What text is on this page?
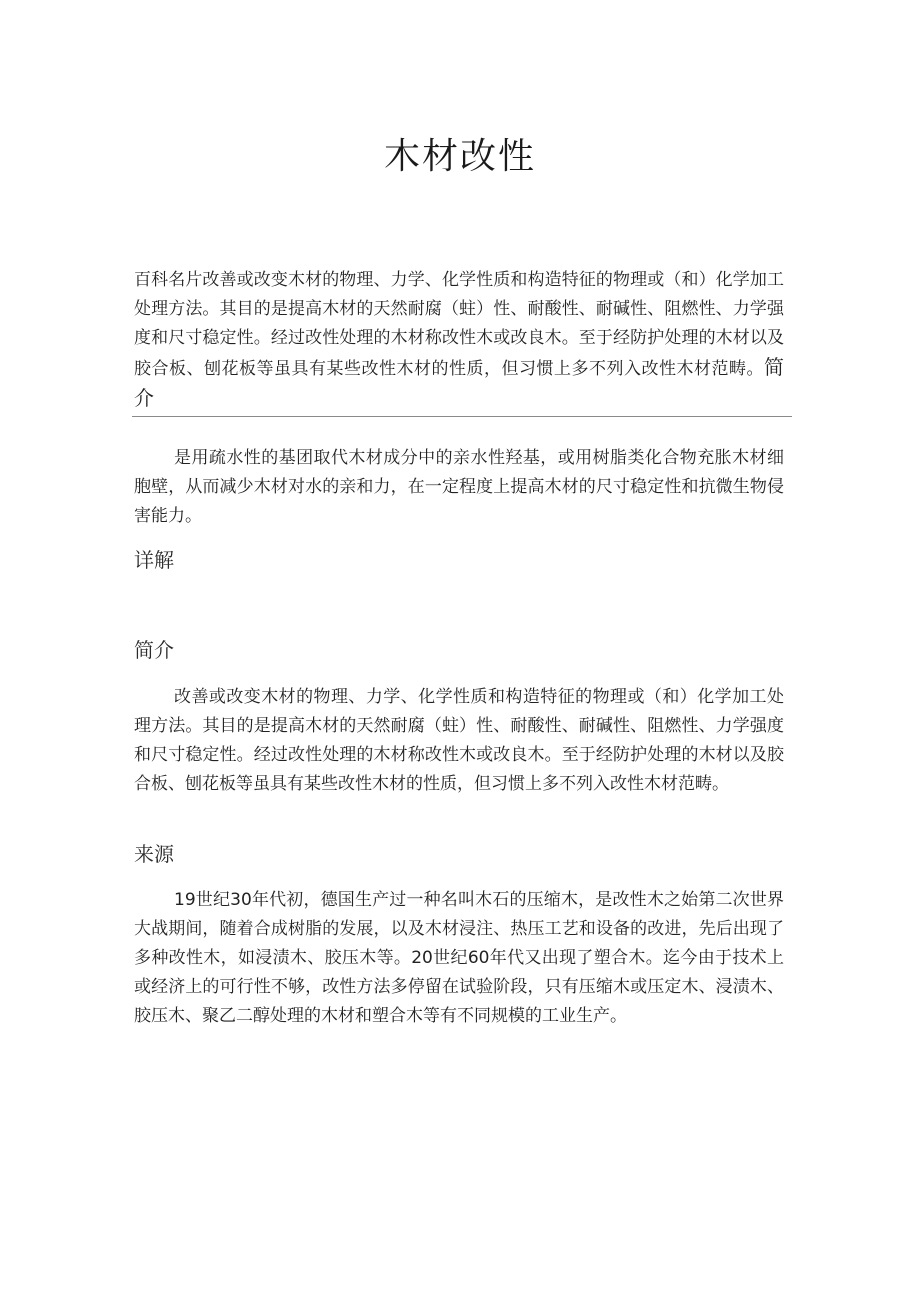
木材改性

百科名片改善或改变木材的物理、力学、化学性质和构造特征的物理或（和）化学加工处理方法。其目的是提高木材的天然耐腐（蛀）性、耐酸性、耐碱性、阻燃性、力学强度和尺寸稳定性。经过改性处理的木材称改性木或改良木。至于经防护处理的木材以及胶合板、刨花板等虽具有某些改性木材的性质，但习惯上多不列入改性木材范畴。简介

是用疏水性的基团取代木材成分中的亲水性羟基，或用树脂类化合物充胀木材细胞壁，从而减少木材对水的亲和力，在一定程度上提高木材的尺寸稳定性和抗微生物侵害能力。

详解
简介

改善或改变木材的物理、力学、化学性质和构造特征的物理或（和）化学加工处理方法。其目的是提高木材的天然耐腐（蛀）性、耐酸性、耐碱性、阻燃性、力学强度和尺寸稳定性。经过改性处理的木材称改性木或改良木。至于经防护处理的木材以及胶合板、刨花板等虽具有某些改性木材的性质，但习惯上多不列入改性木材范畴。

来源

19世纪30年代初，德国生产过一种名叫木石的压缩木，是改性木之始第二次世界大战期间，随着合成树脂的发展，以及木材浸注、热压工艺和设备的改进，先后出现了多种改性木，如浸渍木、胶压木等。20世纪60年代又出现了塑合木。迄今由于技术上或经济上的可行性不够，改性方法多停留在试验阶段，只有压缩木或压定木、浸渍木、胶压木、聚乙二醇处理的木材和塑合木等有不同规模的工业生产。
